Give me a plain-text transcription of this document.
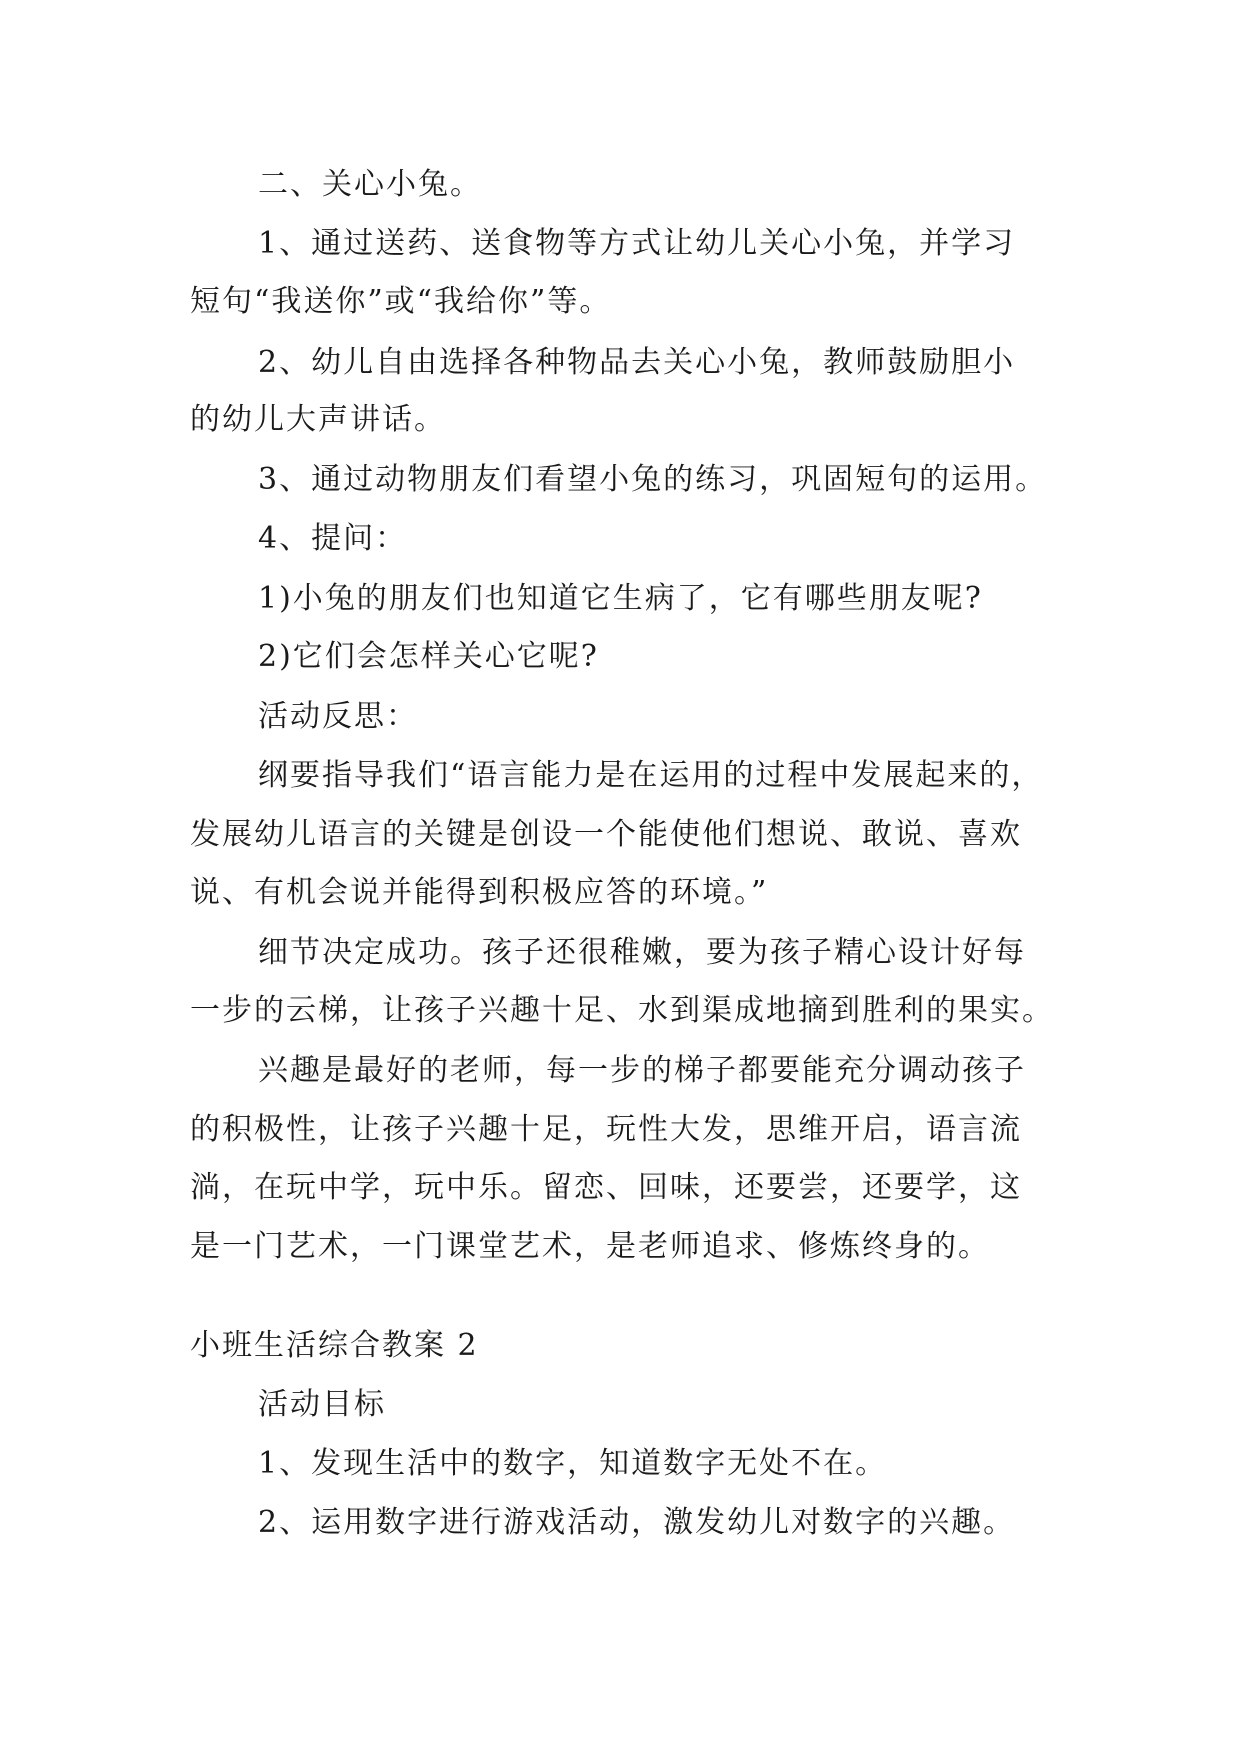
二、关心小兔。
1、通过送药、送食物等方式让幼儿关心小兔，并学习
短句“我送你”或“我给你”等。
2、幼儿自由选择各种物品去关心小兔，教师鼓励胆小
的幼儿大声讲话。
3、通过动物朋友们看望小兔的练习，巩固短句的运用。
4、提问：
1)小兔的朋友们也知道它生病了，它有哪些朋友呢?
2)它们会怎样关心它呢?
活动反思：
纲要指导我们“语言能力是在运用的过程中发展起来的，
发展幼儿语言的关键是创设一个能使他们想说、敢说、喜欢
说、有机会说并能得到积极应答的环境。”
细节决定成功。孩子还很稚嫩，要为孩子精心设计好每
一步的云梯，让孩子兴趣十足、水到渠成地摘到胜利的果实。
兴趣是最好的老师，每一步的梯子都要能充分调动孩子
的积极性，让孩子兴趣十足，玩性大发，思维开启，语言流
淌，在玩中学，玩中乐。留恋、回味，还要尝，还要学，这
是一门艺术，一门课堂艺术，是老师追求、修炼终身的。
小班生活综合教案 2
活动目标
1、发现生活中的数字，知道数字无处不在。
2、运用数字进行游戏活动，激发幼儿对数字的兴趣。
